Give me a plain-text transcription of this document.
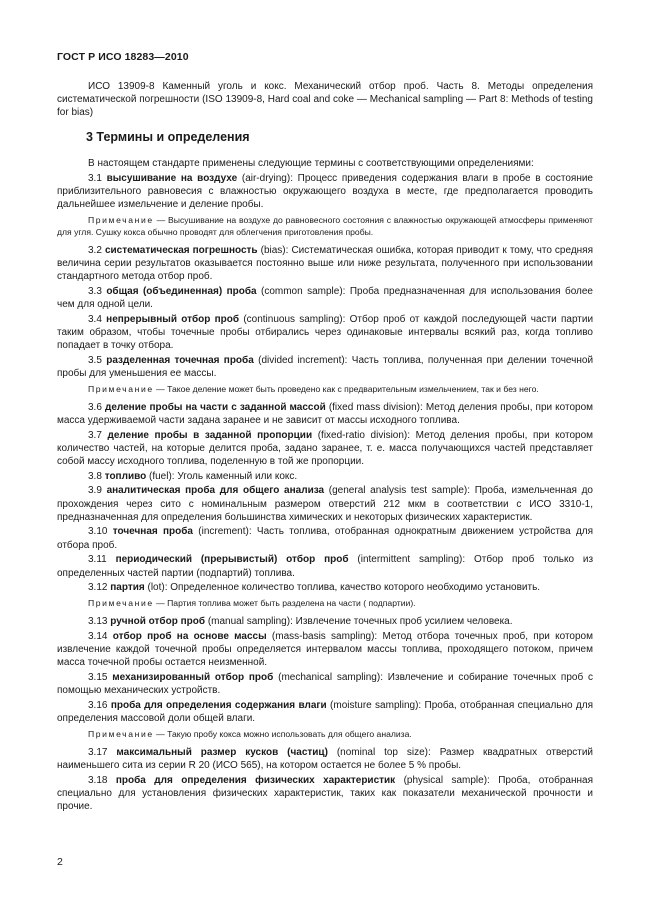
ГОСТ Р ИСО 18283—2010

ИСО 13909-8 Каменный уголь и кокс. Механический отбор проб. Часть 8. Методы определения систематической погрешности (ISO 13909-8, Hard coal and coke — Mechanical sampling — Part 8: Methods of testing for bias)

3 Термины и определения

В настоящем стандарте применены следующие термины с соответствующими определениями:

3.1 высушивание на воздухе (air-drying): Процесс приведения содержания влаги в пробе в состояние приблизительного равновесия с влажностью окружающего воздуха в месте, где предполагается проводить дальнейшее измельчение и деление пробы.

Примечание — Высушивание на воздухе до равновесного состояния с влажностью окружающей атмосферы применяют для угля. Сушку кокса обычно проводят для облегчения приготовления пробы.

3.2 систематическая погрешность (bias): Систематическая ошибка, которая приводит к тому, что средняя величина серии результатов оказывается постоянно выше или ниже результата, полученного при использовании стандартного метода отбор проб.

3.3 общая (объединенная) проба (common sample): Проба предназначенная для использования более чем для одной цели.

3.4 непрерывный отбор проб (continuous sampling): Отбор проб от каждой последующей части партии таким образом, чтобы точечные пробы отбирались через одинаковые интервалы всякий раз, когда топливо попадает в точку отбора.

3.5 разделенная точечная проба (divided increment): Часть топлива, полученная при делении точечной пробы для уменьшения ее массы.

Примечание — Такое деление может быть проведено как с предварительным измельчением, так и без него.

3.6 деление пробы на части с заданной массой (fixed mass division): Метод деления пробы, при котором масса удерживаемой части задана заранее и не зависит от массы исходного топлива.

3.7 деление пробы в заданной пропорции (fixed-ratio division): Метод деления пробы, при котором количество частей, на которые делится проба, задано заранее, т. е. масса получающихся частей представляет собой массу исходного топлива, поделенную в той же пропорции.

3.8 топливо (fuel): Уголь каменный или кокс.

3.9 аналитическая проба для общего анализа (general analysis test sample): Проба, измельченная до прохождения через сито с номинальным размером отверстий 212 мкм в соответствии с ИСО 3310-1, предназначенная для определения большинства химических и некоторых физических характеристик.

3.10 точечная проба (increment): Часть топлива, отобранная однократным движением устройства для отбора проб.

3.11 периодический (прерывистый) отбор проб (intermittent sampling): Отбор проб только из определенных частей партии (подпартий) топлива.

3.12 партия (lot): Определенное количество топлива, качество которого необходимо установить.

Примечание — Партия топлива может быть разделена на части ( подпартии).

3.13 ручной отбор проб (manual sampling): Извлечение точечных проб усилием человека.

3.14 отбор проб на основе массы (mass-basis sampling): Метод отбора точечных проб, при котором извлечение каждой точечной пробы определяется интервалом массы топлива, проходящего потоком, причем масса точечной пробы остается неизменной.

3.15 механизированный отбор проб (mechanical sampling): Извлечение и собирание точечных проб с помощью механических устройств.

3.16 проба для определения содержания влаги (moisture sampling): Проба, отобранная специально для определения массовой доли общей влаги.

Примечание — Такую пробу кокса можно использовать для общего анализа.

3.17 максимальный размер кусков (частиц) (nominal top size): Размер квадратных отверстий наименьшего сита из серии R 20 (ИСО 565), на котором остается не более 5 % пробы.

3.18 проба для определения физических характеристик (physical sample): Проба, отобранная специально для установления физических характеристик, таких как показатели механической прочности и прочие.

2
